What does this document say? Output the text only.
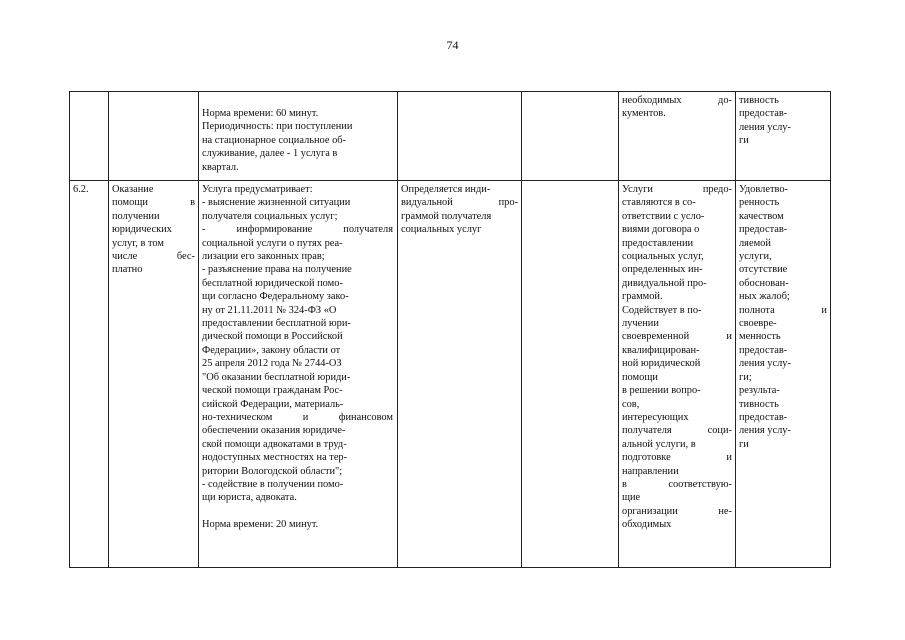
74
Норма времени: 60 минут.
Периодичность: при поступлении
на стационарное социальное об-
служивание, далее - 1 услуга в
квартал.
необходимых до-
кументов.
тивность
предостав-
ления услу-
ги
6.2.	Оказание
помощи в
получении
юридических
услуг, в том
числе бес-
платно
Услуга предусматривает:
- выяснение жизненной ситуации
получателя социальных услуг;
- информирование получателя
социальной услуги о путях реа-
лизации его законных прав;
- разъяснение права на получение
бесплатной юридической помо-
щи согласно Федеральному зако-
ну от 21.11.2011 № 324-ФЗ «О
предоставлении бесплатной юри-
дической помощи в Российской
Федерации», закону области от
25 апреля 2012 года № 2744-ОЗ
"Об оказании бесплатной юриди-
ческой помощи гражданам Рос-
сийской Федерации, материаль-
но-техническом и финансовом
обеспечении оказания юридиче-
ской помощи адвокатами в труд-
нодоступных местностях на тер-
ритории Вологодской области";
- содействие в получении помо-
щи юриста, адвоката.

Норма времени: 20 минут.
Определяется инди-
видуальной про-
граммой получателя
социальных услуг
Услуги предо-
ставляются в со-
ответствии с усло-
виями договора о
предоставлении
социальных услуг,
определенных ин-
дивидуальной про-
граммой.
Содействует в по-
лучении
своевременной и
квалифицирован-
ной юридической
помощи
в решении вопро-
сов,
интересующих
получателя соци-
альной услуги, в
подготовке и
направлении
в соответствую-
щие
организации не-
обходимых
Удовлетво-
ренность
качеством
предостав-
ляемой
услуги,
отсутствие
обоснован-
ных жалоб;
полнота и
своевре-
менность
предостав-
ления услу-
ги;
результа-
тивность
предостав-
ления услу-
ги
